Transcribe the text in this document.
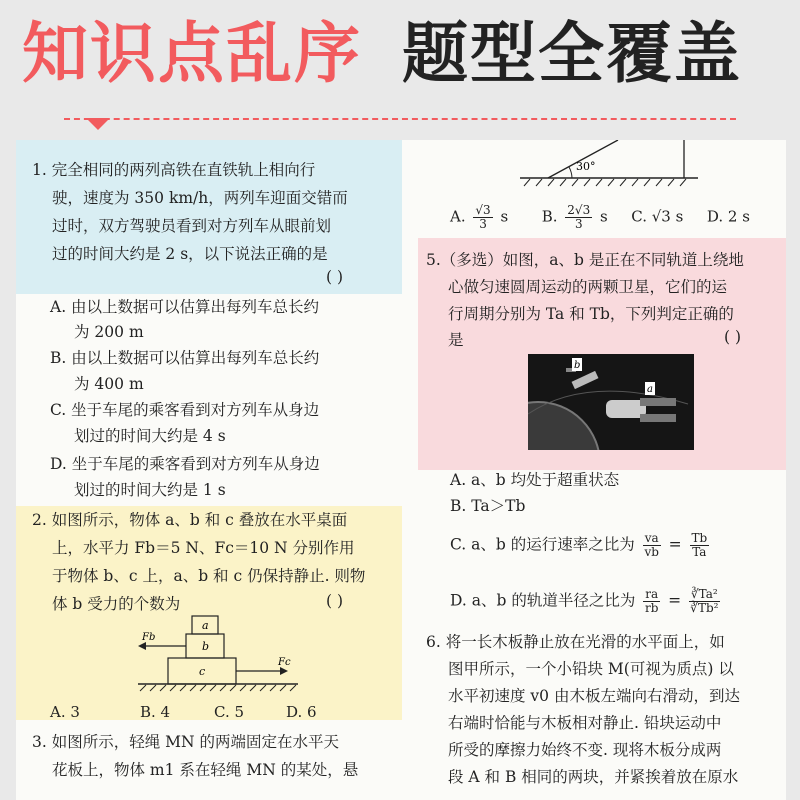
知识点乱序 题型全覆盖
1. 完全相同的两列高铁在直铁轨上相向行
驶，速度为 350 km/h，两列车迎面交错而
过时，双方驾驶员看到对方列车从眼前划
过的时间大约是 2 s，以下说法正确的是
( )
A. 由以上数据可以估算出每列车总长约
为 200 m
B. 由以上数据可以估算出每列车总长约
为 400 m
C. 坐于车尾的乘客看到对方列车从身边
划过的时间大约是 4 s
D. 坐于车尾的乘客看到对方列车从身边
划过的时间大约是 1 s
2. 如图所示，物体 a、b 和 c 叠放在水平桌面
上，水平力 Fb＝5 N、Fc＝10 N 分别作用
于物体 b、c 上，a、b 和 c 仍保持静止. 则物
体 b 受力的个数为	( )
a
b
c
Fb
Fc
A. 3	B. 4	C. 5	D. 6
3. 如图所示，轻绳 MN 的两端固定在水平天
花板上，物体 m1 系在轻绳 MN 的某处，悬
30°
A. $\frac{√3}{3}$ s B. $\frac{2√3}{3}$ s C. √3 s D. 2 s
5.（多选）如图，a、b 是正在不同轨道上绕地
心做匀速圆周运动的两颗卫星，它们的运
行周期分别为 Ta 和 Tb，下列判定正确的
是	( )
b
a
A. a、b 均处于超重状态
B. Ta＞Tb
C. a、b 的运行速率之比为 $\frac{va}{vb} = \frac{Tb}{Ta}$
D. a、b 的轨道半径之比为 $\frac{ra}{rb} = \frac{\text{∛Ta²}}{\text{∛Tb²}}$
6. 将一长木板静止放在光滑的水平面上，如
图甲所示，一个小铅块 M(可视为质点) 以
水平初速度 v0 由木板左端向右滑动，到达
右端时恰能与木板相对静止. 铅块运动中
所受的摩擦力始终不变. 现将木板分成两
段 A 和 B 相同的两块，并紧挨着放在原水
